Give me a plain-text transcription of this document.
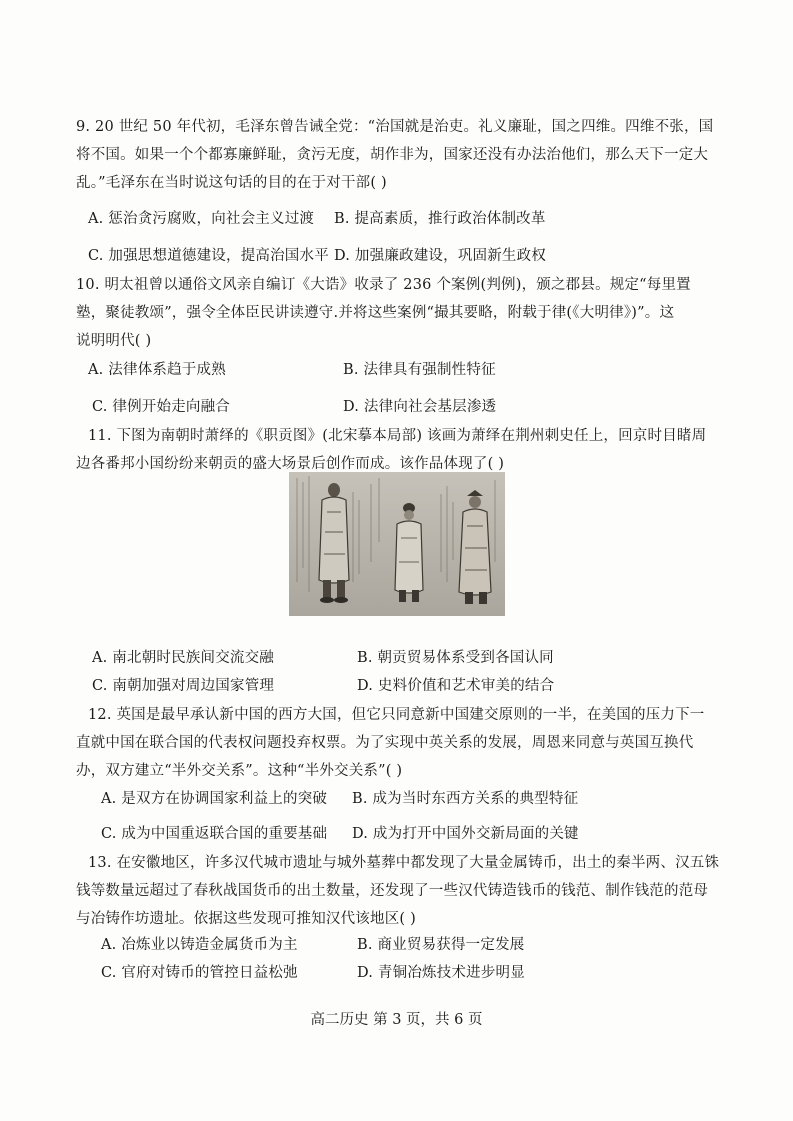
9. 20 世纪 50 年代初，毛泽东曾告诫全党：“治国就是治吏。礼义廉耻，国之四维。四维不张，国
将不国。如果一个个都寡廉鲜耻，贪污无度，胡作非为，国家还没有办法治他们，那么天下一定大
乱。”毛泽东在当时说这句话的目的在于对干部( )
A. 惩治贪污腐败，向社会主义过渡 B. 提高素质，推行政治体制改革
C. 加强思想道德建设，提高治国水平 D. 加强廉政建设，巩固新生政权
10. 明太祖曾以通俗文风亲自编订《大诰》收录了 236 个案例(判例)，颁之郡县。规定“每里置
塾，聚徒教颂”，强令全体臣民讲读遵守.并将这些案例“撮其要略，附载于律(《大明律》)”。这
说明明代( )
A. 法律体系趋于成熟	B. 法律具有强制性特征
C. 律例开始走向融合	D. 法律向社会基层渗透
11. 下图为南朝时萧绎的《职贡图》(北宋摹本局部) 该画为萧绎在荆州刺史任上，回京时目睹周
边各番邦小国纷纷来朝贡的盛大场景后创作而成。该作品体现了( )
A. 南北朝时民族间交流交融	B. 朝贡贸易体系受到各国认同
C. 南朝加强对周边国家管理	D. 史料价值和艺术审美的结合
12. 英国是最早承认新中国的西方大国，但它只同意新中国建交原则的一半，在美国的压力下一
直就中国在联合国的代表权问题投弃权票。为了实现中英关系的发展，周恩来同意与英国互换代
办，双方建立“半外交关系”。这种“半外交关系”( )
A. 是双方在协调国家利益上的突破 B. 成为当时东西方关系的典型特征
C. 成为中国重返联合国的重要基础 D. 成为打开中国外交新局面的关键
13. 在安徽地区，许多汉代城市遗址与城外墓葬中都发现了大量金属铸币，出土的秦半两、汉五铢
钱等数量远超过了春秋战国货币的出土数量，还发现了一些汉代铸造钱币的钱范、制作钱范的范母
与冶铸作坊遗址。依据这些发现可推知汉代该地区( )
A. 冶炼业以铸造金属货币为主	B. 商业贸易获得一定发展
C. 官府对铸币的管控日益松弛	D. 青铜冶炼技术进步明显
高二历史 第 3 页，共 6 页
